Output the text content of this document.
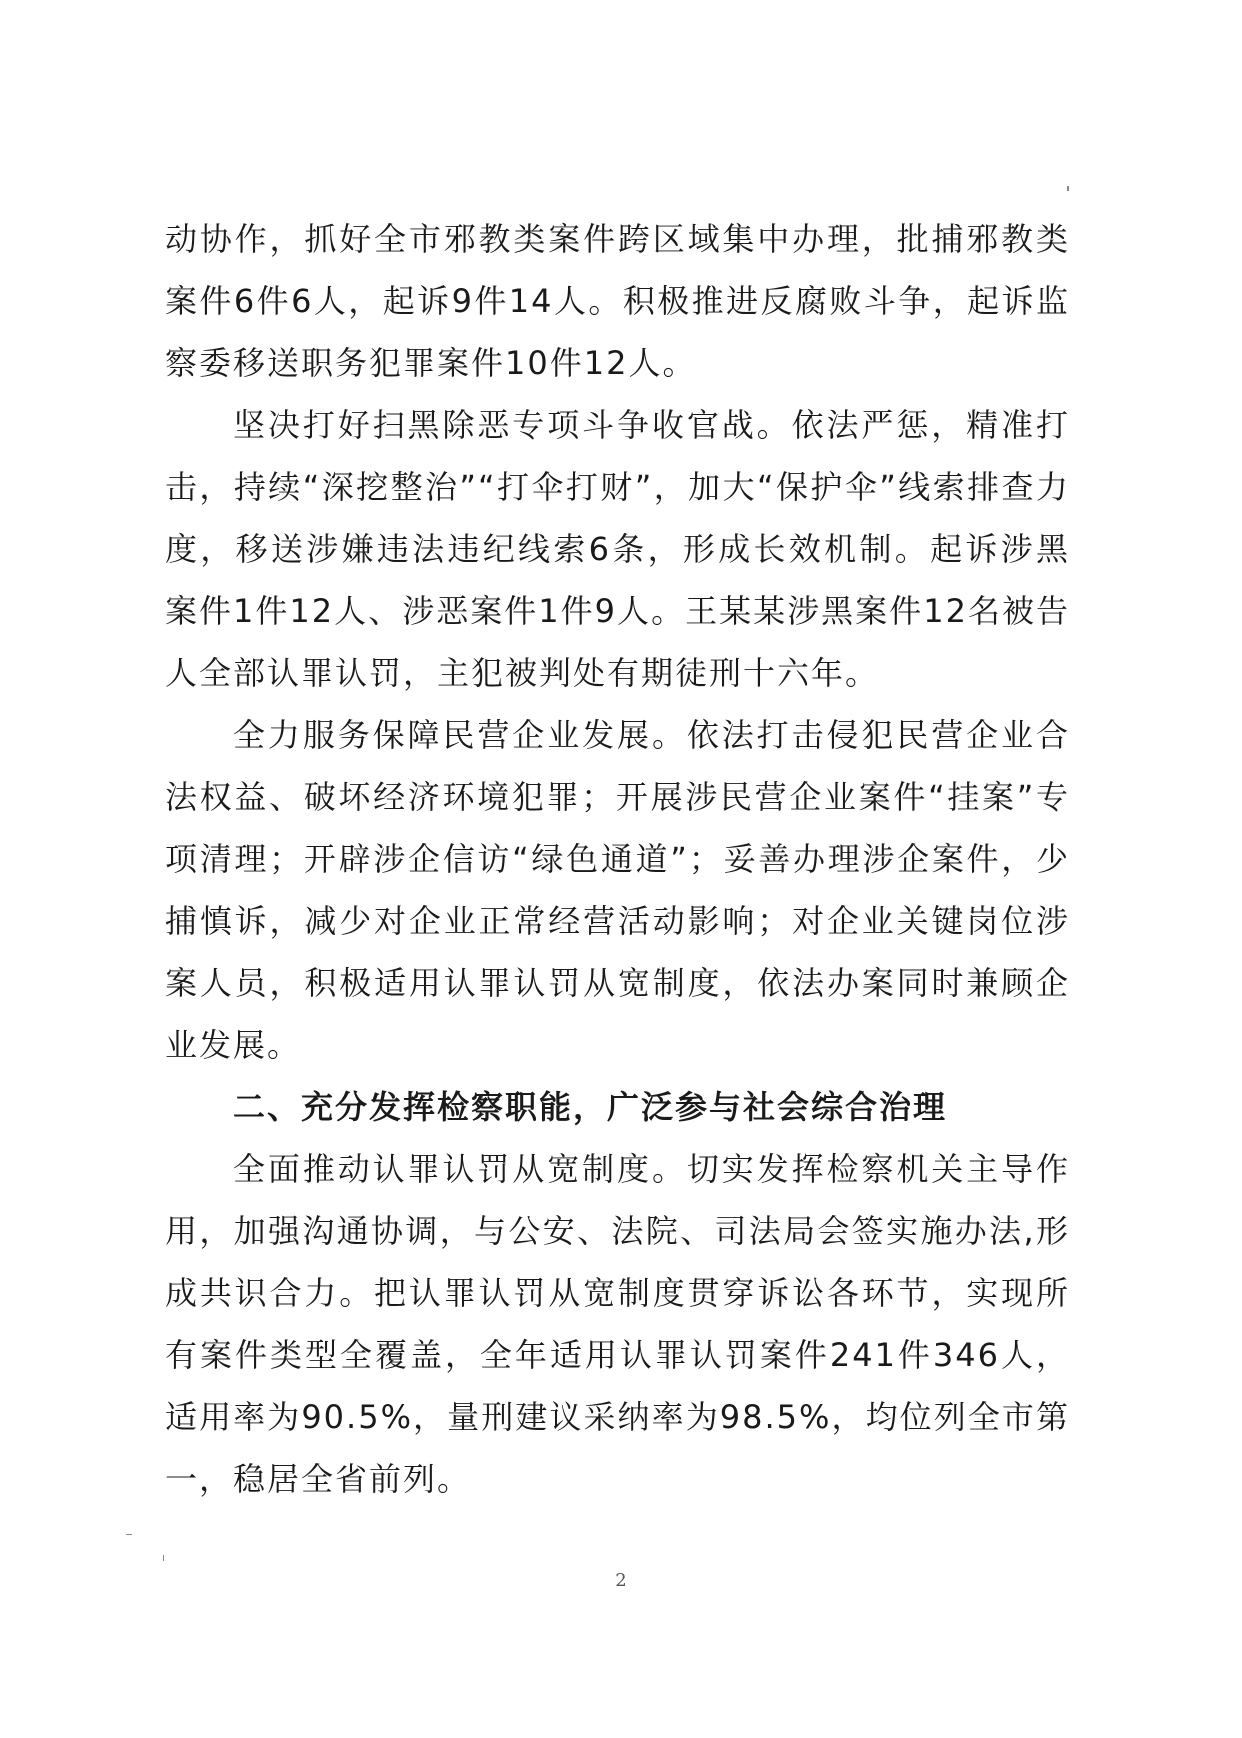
动协作，抓好全市邪教类案件跨区域集中办理，批捕邪教类案件6件6人，起诉9件14人。积极推进反腐败斗争，起诉监察委移送职务犯罪案件10件12人。

坚决打好扫黑除恶专项斗争收官战。依法严惩，精准打击，持续“深挖整治”“打伞打财”，加大“保护伞”线索排查力度，移送涉嫌违法违纪线索6条，形成长效机制。起诉涉黑案件1件12人、涉恶案件1件9人。王某某涉黑案件12名被告人全部认罪认罚，主犯被判处有期徒刑十六年。

全力服务保障民营企业发展。依法打击侵犯民营企业合法权益、破坏经济环境犯罪；开展涉民营企业案件“挂案”专项清理；开辟涉企信访“绿色通道”；妥善办理涉企案件，少捕慎诉，减少对企业正常经营活动影响；对企业关键岗位涉案人员，积极适用认罪认罚从宽制度，依法办案同时兼顾企业发展。

二、充分发挥检察职能，广泛参与社会综合治理

全面推动认罪认罚从宽制度。切实发挥检察机关主导作用，加强沟通协调，与公安、法院、司法局会签实施办法,形成共识合力。把认罪认罚从宽制度贯穿诉讼各环节，实现所有案件类型全覆盖，全年适用认罪认罚案件241件346人，适用率为90.5%，量刑建议采纳率为98.5%，均位列全市第一，稳居全省前列。

2
